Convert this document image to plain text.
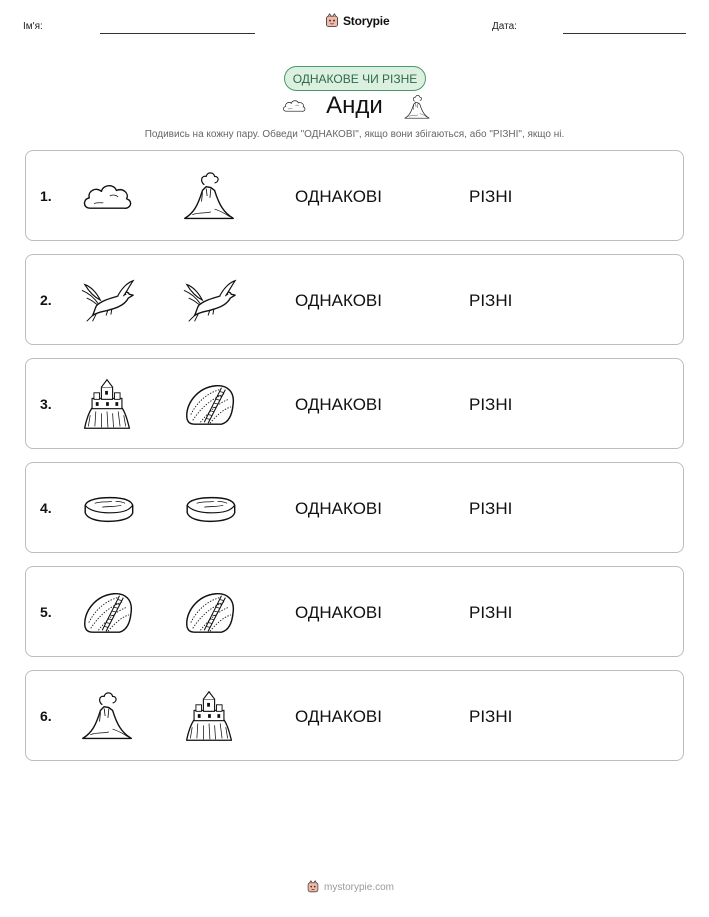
Ім'я:	Storypie	Дата:
ОДНАКОВЕ ЧИ РІЗНЕ
Анди
Подивись на кожну пару. Обведи "ОДНАКОВІ", якщо вони збігаються, або "РІЗНІ", якщо ні.
1.	ОДНАКОВІ	РІЗНІ
2.	ОДНАКОВІ	РІЗНІ
3.	ОДНАКОВІ	РІЗНІ
4.	ОДНАКОВІ	РІЗНІ
5.	ОДНАКОВІ	РІЗНІ
6.	ОДНАКОВІ	РІЗНІ
mystorypie.com
